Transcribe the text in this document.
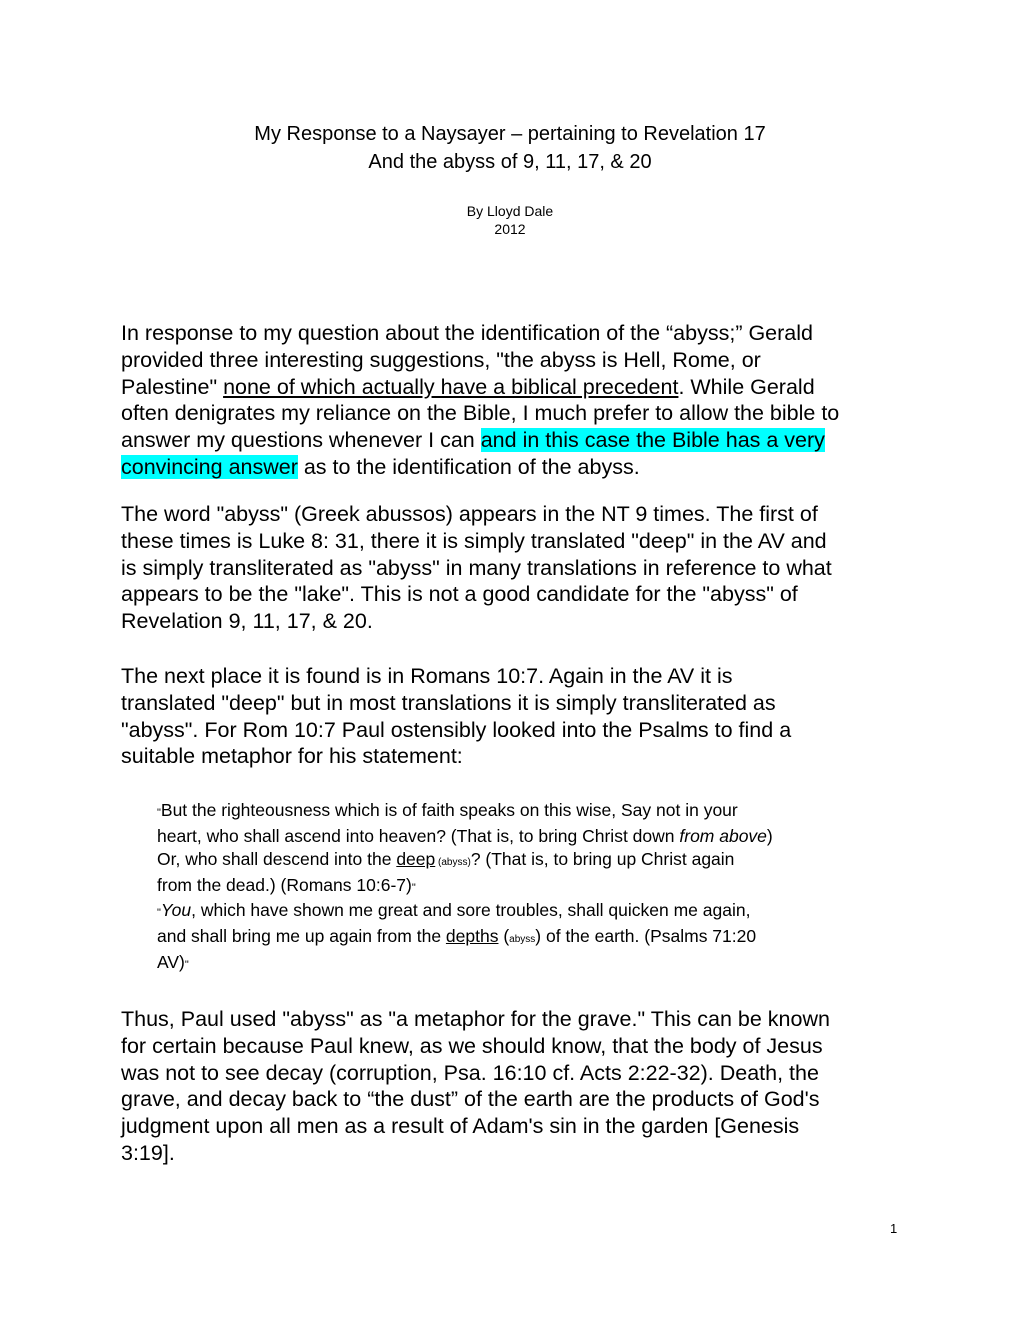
My Response to a Naysayer – pertaining to Revelation 17
And the abyss of 9, 11, 17, & 20
By Lloyd Dale
2012
In response to my question about the identification of the “abyss;” Gerald
provided three interesting suggestions, "the abyss is Hell, Rome, or
Palestine" none of which actually have a biblical precedent. While Gerald
often denigrates my reliance on the Bible, I much prefer to allow the bible to
answer my questions whenever I can and in this case the Bible has a very
convincing answer as to the identification of the abyss.
The word "abyss" (Greek abussos) appears in the NT 9 times. The first of
these times is Luke 8: 31, there it is simply translated "deep" in the AV and
is simply transliterated as "abyss" in many translations in reference to what
appears to be the "lake". This is not a good candidate for the "abyss" of
Revelation 9, 11, 17, & 20.
The next place it is found is in Romans 10:7. Again in the AV it is
translated "deep" but in most translations it is simply transliterated as
"abyss". For Rom 10:7 Paul ostensibly looked into the Psalms to find a
suitable metaphor for his statement:
"But the righteousness which is of faith speaks on this wise, Say not in your
heart, who shall ascend into heaven? (That is, to bring Christ down from above)
Or, who shall descend into the deep (abyss)? (That is, to bring up Christ again
from the dead.) (Romans 10:6-7)"
"You, which have shown me great and sore troubles, shall quicken me again,
and shall bring me up again from the depths (abyss) of the earth. (Psalms 71:20
AV)"
Thus, Paul used "abyss" as "a metaphor for the grave." This can be known
for certain because Paul knew, as we should know, that the body of Jesus
was not to see decay (corruption, Psa. 16:10 cf. Acts 2:22-32). Death, the
grave, and decay back to “the dust” of the earth are the products of God's
judgment upon all men as a result of Adam's sin in the garden [Genesis
3:19].
1
